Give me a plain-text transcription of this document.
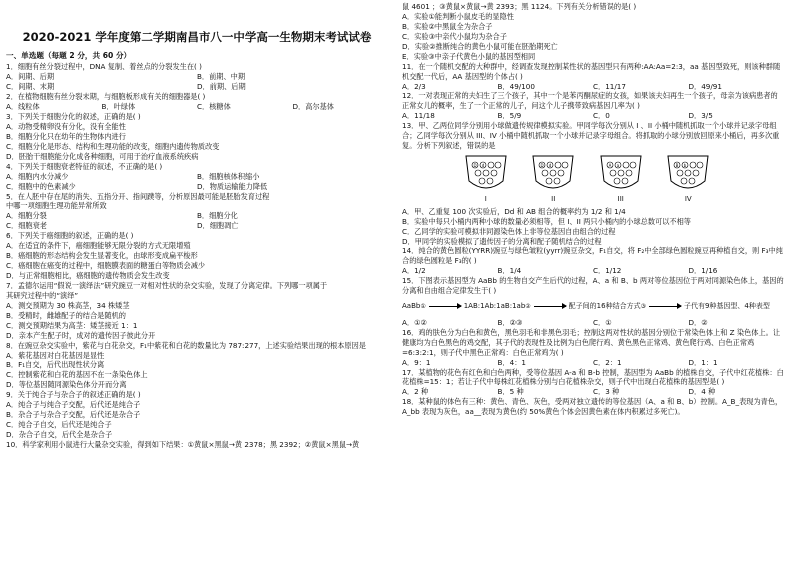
2020-2021 学年度第二学期南昌市八一中学高一生物期末考试试卷
一、单选题（每题 2 分，共 60 分）
1．细胞有丝分裂过程中，DNA 复制、着丝点的分裂发生在( )
A．间期、后期	B．前期、中期
C．间期、末期	D．前期、后期
2．在植物细胞有丝分裂末期，与细胞板形成有关的细胞器是( )
A．线粒体	B．叶绿体	C．核糖体	D．高尔基体
3．下列关于细胞分化的叙述，正确的是( )
A．动物受精卵没有分化，没有全能性
B．细胞分化只在幼年的生物体内进行
C．细胞分化是形态、结构和生理功能的改变，细胞内遗传物质改变
D．胚胎干细胞能分化成各种细胞，可用于治疗血液系统疾病
4．下列关于细胞衰老特征的叙述，不正确的是( )
A．细胞内水分减少	B．细胞核体积缩小
C．细胞中的色素减少	D．物质运输能力降低
5．在人胚中存在尾的消失、五指分开、指间蹼等，分析原因最可能是胚胎发育过程
中哪一项细胞生理功能异常所致
A．细胞分裂	B．细胞分化
C．细胞衰老	D．细胞凋亡
6．下列关于癌细胞的叙述，正确的是( )
A．在适宜的条件下，癌细胞能够无限分裂的方式无限增殖
B．癌细胞的形态结构会发生显著变化，由球形变成扁平梭形
C．癌细胞在癌变的过程中，细胞膜表面的糖蛋白等物质会减少
D．与正常细胞相比，癌细胞的遗传物质会发生改变
7．孟德尔运用“假说一演绎法”研究豌豆一对相对性状的杂交实验，发现了分离定律。下列哪一项属于
其研究过程中的“演绎”
A．测交预期为 30 株高茎，34 株矮茎
B．受精时，雌雄配子的结合是随机的
C．测交预期结果为高茎：矮茎接近 1：1
D．亲本产生配子时，成对的遗传因子彼此分开
8．在豌豆杂交实验中，紫花与白花杂交，F₁中紫花和白花的数量比为 787:277，上述实验结果出现的根本原因是
A．紫花基因对白花基因是显性
B．F₁自交，后代出现性状分离
C．控制紫花和白花的基因不在一条染色体上
D．等位基因随同源染色体分开而分离
9．关于纯合子与杂合子的叙述正确的是( )
A．纯合子与纯合子交配，后代还是纯合子
B．杂合子与杂合子交配，后代还是杂合子
C．纯合子自交，后代还是纯合子
D．杂合子自交，后代全是杂合子
10．科学家利用小鼠进行大量杂交实验，得到如下结果：①黄鼠×黑鼠→黄 2378；黑 2392；②黄鼠×黑鼠→黄
鼠 4601 ；③黄鼠×黄鼠→黄 2393；黑 1124。下列有关分析错误的是( )
A．实验①能判断小鼠皮毛的显隐性
B．实验②中黑鼠全为杂合子
C．实验③中亲代小鼠均为杂合子
D．实验②推断纯合的黄色小鼠可能在胚胎期死亡
E．实验③中亲子代黄色小鼠的基因型相同
11．在一个随机交配的大种群中，经调查发现控制某性状的基因型只有两种:AA:Aa=2:3，aa 基因型致死，则该种群随机交配一代后，AA 基因型的个体占( )
A．2/3	B．49/100	C．11/17	D．49/91
12．一对表现正常的夫妇生了三个孩子，其中一个是苯丙酮尿症的女孩，如果该夫妇再生一个孩子，母亲为该病患者的正常女儿的概率，生了一个正常的儿子，问这个儿子携带致病基因几率为( )
A．11/18	B．5/9	C．0	D．3/5
13．甲、乙两位同学分别用小球做遗传规律模拟实验。甲同学每次分别从 I 、II 小桶中随机抓取一个小球并记录字母组合；乙同学每次分别从 III、IV 小桶中随机抓取一个小球并记录字母组合。将抓取的小球分别放回原来小桶后，再多次重复。分析下列叙述，错误的是
D d
I
D d
II
A a
III
B b
IV
A．甲、乙重复 100 次实验后，Dd 和 AB 组合的概率约为 1/2 和 1/4
B．实验中每只小桶内两种小球的数量必须相等，但 I、II 两只小桶内的小球总数可以不相等
C．乙同学的实验可模拟非同源染色体上非等位基因自由组合的过程
D．甲同学的实验模拟了遗传因子的分离和配子随机结合的过程
14．纯合的黄色圆粒(YYRR)豌豆与绿色皱粒(yyrr)豌豆杂交，F₁自交，将 F₂中全部绿色圆粒豌豆再种植自交，则 F₃中纯合的绿色圆粒是 F₃的( )
A．1/2	B．1/4	C．1/12	D．1/16
15．下图表示基因型为 AaBb 的生物自交产生后代的过程，A、a 和 B、b 两对等位基因位于两对同源染色体上，基因的分离和自由组合定律发生于( )
AaBb ①	1AB:1Ab:1aB:1ab ②	配子间的16种结合方式 ③	子代有9种基因型、4种表型
A．①②	B．②③	C．①	D．②
16．鸡的肤色分为白色和黄色，黑色羽毛和非黑色羽毛；控制这两对性状的基因分别位于常染色体上和 Z 染色体上。让健康均为白色黑色的鸡交配，其子代的表现性及比例为白色爬行鸡、黄色黑色正常鸡、黄色爬行鸡、白色正常鸡=6:3:2:1，则子代中黑色正常鸡：白色正常鸡为( )
A．9：1	B．4：1	C．2：1	D．1：1
17．某植物的花色有红色和白色两种，受等位基因 A-a 和 B-b 控制，基因型为 AaBb 的植株自交，子代中红花植株：白花植株=15：1；若让子代中每株红花植株分别与白花植株杂交，则子代中出现白花植株的基因型是( )
A．2 种	B．5 种	C．3 种	D．4 种
18．某种鼠的体色有三种：黄色、青色、灰色，受两对独立遗传的等位基因（A、a 和 B、b）控制。A_B_表现为青色，A_bb 表现为灰色，aa__表现为黄色(约 50%黄色个体会因黄色素在体内积累过多死亡)。
